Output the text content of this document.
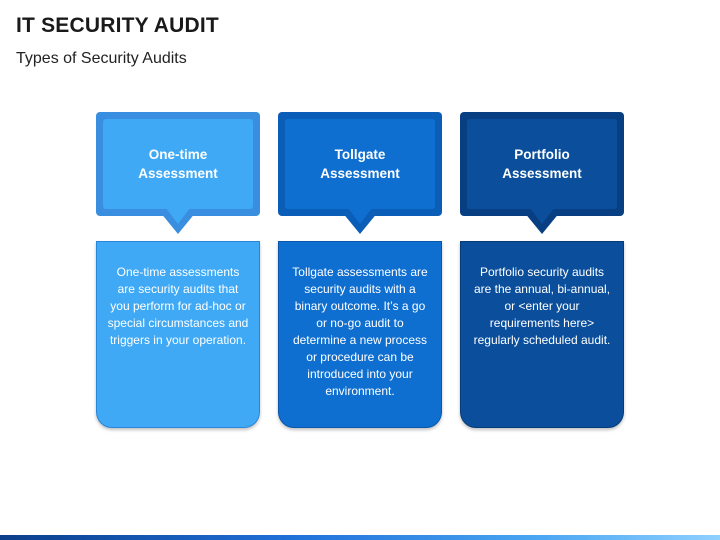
IT SECURITY AUDIT

Types of Security Audits

One-time
Assessment

One-time assessments are security audits that you perform for ad-hoc or special circumstances and triggers in your operation.

Tollgate
Assessment

Tollgate assessments are security audits with a binary outcome. It’s a go or no-go audit to determine a new process or procedure can be introduced into your environment.

Portfolio
Assessment

Portfolio security audits are the annual, bi-annual, or <enter your requirements here> regularly scheduled audit.
